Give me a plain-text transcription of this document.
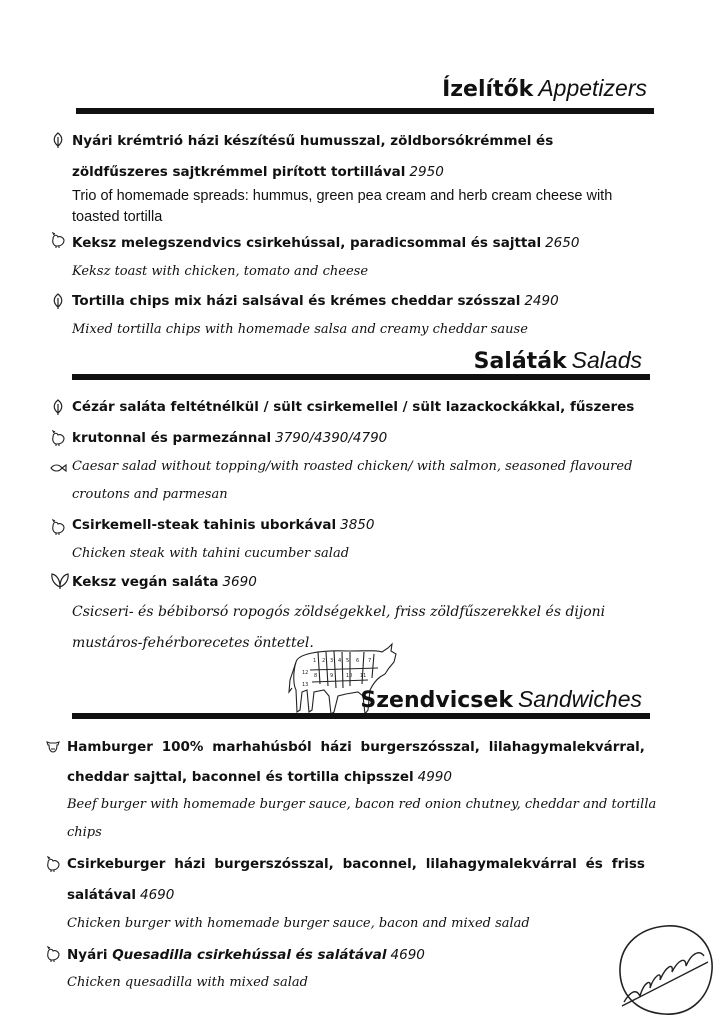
Ízelítők Appetizers
Nyári krémtrió házi készítésű humusszal, zöldborsókrémmel és
zöldfűszeres sajtkrémmel pirított tortillával 2950
Trio of homemade spreads: hummus, green pea cream and herb cream cheese with
toasted tortilla
Keksz melegszendvics csirkehússal, paradicsommal és sajttal 2650
Keksz toast with chicken, tomato and cheese
Tortilla chips mix házi salsával és krémes cheddar szósszal 2490
Mixed tortilla chips with homemade salsa and creamy cheddar sause
Saláták Salads
Cézár saláta feltétnélkül / sült csirkemellel / sült lazackockákkal, fűszeres
krutonnal és parmezánnal 3790/4390/4790
Caesar salad without topping/with roasted chicken/ with salmon, seasoned flavoured
croutons and parmesan
Csirkemell-steak tahinis uborkával 3850
Chicken steak with tahini cucumber salad
Keksz vegán saláta 3690
Csicseri- és bébiborsó ropogós zöldségekkel, friss zöldfűszerekkel és dijoni
mustáros-fehérborecetes öntettel.
1 2 3 4 5 6 7
8	9	10 11
12
13
Szendvicsek Sandwiches
Hamburger 100% marhahúsból házi burgerszósszal, lilahagymalekvárral,
cheddar sajttal, baconnel és tortilla chipsszel 4990
Beef burger with homemade burger sauce, bacon red onion chutney, cheddar and tortilla
chips
Csirkeburger házi burgerszósszal, baconnel, lilahagymalekvárral és friss
salátával 4690
Chicken burger with homemade burger sauce, bacon and mixed salad
Nyári Quesadilla csirkehússal és salátával 4690
Chicken quesadilla with mixed salad
